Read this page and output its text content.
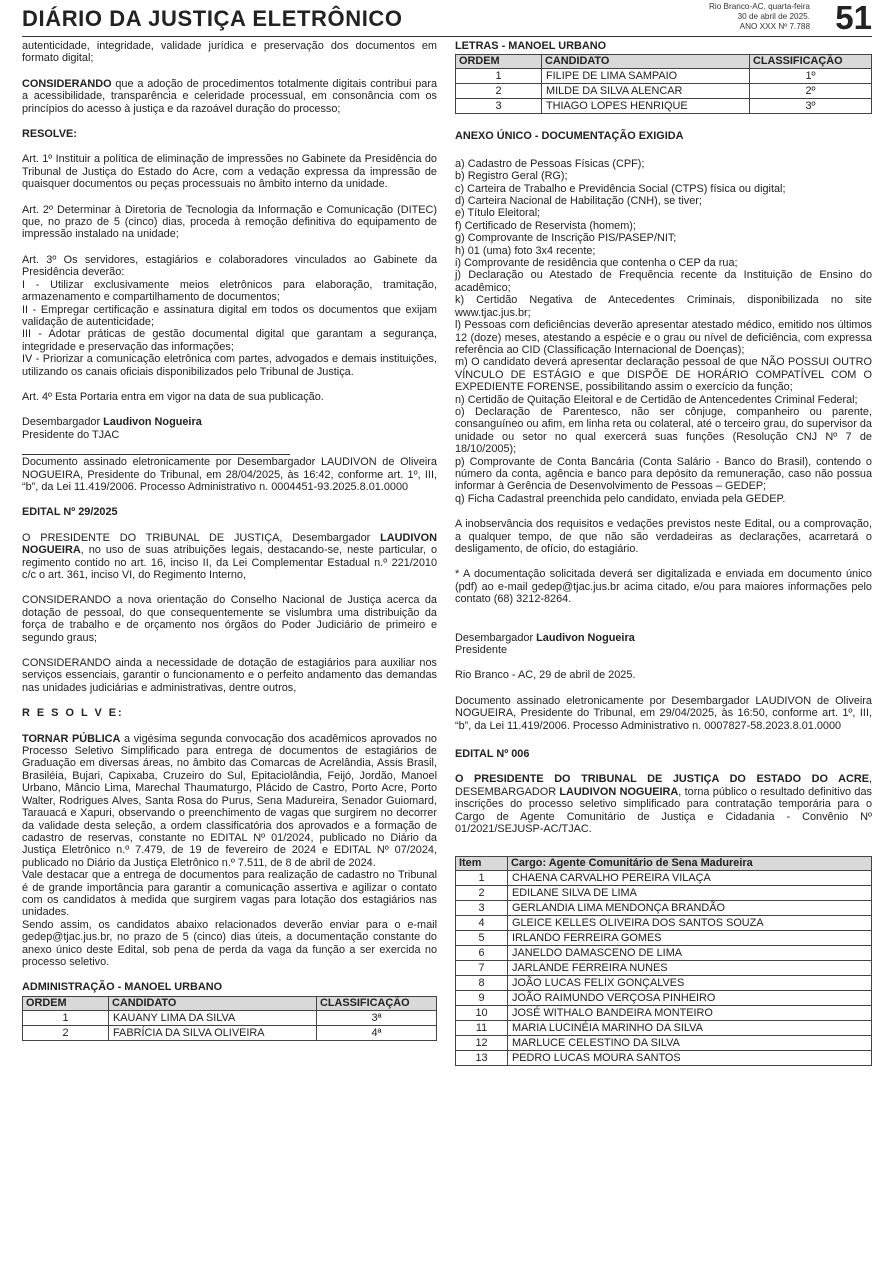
DIÁRIO DA JUSTIÇA ELETRÔNICO	Rio Branco-AC, quarta-feira
30 de abril de 2025.
ANO XXX Nº 7.788 51

autenticidade, integridade, validade jurídica e preservação dos documentos em formato digital;

CONSIDERANDO que a adoção de procedimentos totalmente digitais contribui para a acessibilidade, transparência e celeridade processual, em consonância com os princípios do acesso à justiça e da razoável duração do processo;

RESOLVE:

Art. 1º Instituir a política de eliminação de impressões no Gabinete da Presidência do Tribunal de Justiça do Estado do Acre, com a vedação expressa da impressão de quaisquer documentos ou peças processuais no âmbito interno da unidade.

Art. 2º Determinar à Diretoria de Tecnologia da Informação e Comunicação (DITEC) que, no prazo de 5 (cinco) dias, proceda à remoção definitiva do equipamento de impressão instalado na unidade;

Art. 3º Os servidores, estagiários e colaboradores vinculados ao Gabinete da Presidência deverão:

I - Utilizar exclusivamente meios eletrônicos para elaboração, tramitação, armazenamento e compartilhamento de documentos;

II - Empregar certificação e assinatura digital em todos os documentos que exijam validação de autenticidade;

III - Adotar práticas de gestão documental digital que garantam a segurança, integridade e preservação das informações;

IV - Priorizar a comunicação eletrônica com partes, advogados e demais instituições, utilizando os canais oficiais disponibilizados pelo Tribunal de Justiça.

Art. 4º Esta Portaria entra em vigor na data de sua publicação.

Desembargador Laudivon Nogueira
Presidente do TJAC

Documento assinado eletronicamente por Desembargador LAUDIVON de Oliveira NOGUEIRA, Presidente do Tribunal, em 28/04/2025, às 16:42, conforme art. 1º, III, “b”, da Lei 11.419/2006. Processo Administrativo n. 0004451-93.2025.8.01.0000

EDITAL Nº 29/2025

O PRESIDENTE DO TRIBUNAL DE JUSTIÇA, Desembargador LAUDIVON NOGUEIRA, no uso de suas atribuições legais, destacando-se, neste particular, o regimento contido no art. 16, inciso II, da Lei Complementar Estadual n.º 221/2010 c/c o art. 361, inciso VI, do Regimento Interno,

CONSIDERANDO a nova orientação do Conselho Nacional de Justiça acerca da dotação de pessoal, do que consequentemente se vislumbra uma distribuição da força de trabalho e de orçamento nos órgãos do Poder Judiciário de primeiro e segundo graus;

CONSIDERANDO ainda a necessidade de dotação de estagiários para auxiliar nos serviços essenciais, garantir o funcionamento e o perfeito andamento das demandas nas unidades judiciárias e administrativas, dentre outros,

R E S O L V E:

TORNAR PÚBLICA a vigésima segunda convocação dos acadêmicos aprovados no Processo Seletivo Simplificado para entrega de documentos de estagiários de Graduação em diversas áreas, no âmbito das Comarcas de Acrelândia, Assis Brasil, Brasiléia, Bujari, Capixaba, Cruzeiro do Sul, Epitaciolândia, Feijó, Jordão, Manoel Urbano, Mâncio Lima, Marechal Thaumaturgo, Plácido de Castro, Porto Acre, Porto Walter, Rodrigues Alves, Santa Rosa do Purus, Sena Madureira, Senador Guiomard, Tarauacá e Xapuri, observando o preenchimento de vagas que surgirem no decorrer da validade desta seleção, a ordem classificatória dos aprovados e a formação de cadastro de reservas, constante no EDITAL Nº 01/2024, publicado no Diário da Justiça Eletrônico n.º 7.479, de 19 de fevereiro de 2024 e EDITAL Nº 07/2024, publicado no Diário da Justiça Eletrônico n.º 7.511, de 8 de abril de 2024.

Vale destacar que a entrega de documentos para realização de cadastro no Tribunal é de grande importância para garantir a comunicação assertiva e agilizar o contato com os candidatos à medida que surgirem vagas para lotação dos estagiários nas unidades.

Sendo assim, os candidatos abaixo relacionados deverão enviar para o e-mail gedep@tjac.jus.br, no prazo de 5 (cinco) dias úteis, a documentação constante do anexo único deste Edital, sob pena de perda da vaga da função a ser exercida no processo seletivo.

ADMINISTRAÇÃO - MANOEL URBANO
ORDEM	CANDIDATO	CLASSIFICAÇÃO
1	KAUANY LIMA DA SILVA	3ª
2	FABRÍCIA DA SILVA OLIVEIRA	4ª
LETRAS - MANOEL URBANO
ORDEM	CANDIDATO	CLASSIFICAÇÃO
1	FILIPE DE LIMA SAMPAIO	1º
2	MILDE DA SILVA ALENCAR	2º
3	THIAGO LOPES HENRIQUE	3º

ANEXO ÚNICO - DOCUMENTAÇÃO EXIGIDA

a) Cadastro de Pessoas Físicas (CPF);

b) Registro Geral (RG);

c) Carteira de Trabalho e Previdência Social (CTPS) física ou digital;

d) Carteira Nacional de Habilitação (CNH), se tiver;

e) Título Eleitoral;

f) Certificado de Reservista (homem);

g) Comprovante de Inscrição PIS/PASEP/NIT;

h) 01 (uma) foto 3x4 recente;

i) Comprovante de residência que contenha o CEP da rua;

j) Declaração ou Atestado de Frequência recente da Instituição de Ensino do acadêmico;

k) Certidão Negativa de Antecedentes Criminais, disponibilizada no site www.tjac.jus.br;

l) Pessoas com deficiências deverão apresentar atestado médico, emitido nos últimos 12 (doze) meses, atestando a espécie e o grau ou nível de deficiência, com expressa referência ao CID (Classificação Internacional de Doenças);

m) O candidato deverá apresentar declaração pessoal de que NÃO POSSUI OUTRO VÍNCULO DE ESTÁGIO e que DISPÕE DE HORÁRIO COMPATÍVEL COM O EXPEDIENTE FORENSE, possibilitando assim o exercício da função;

n) Certidão de Quitação Eleitoral e de Certidão de Antencedentes Criminal Federal;

o) Declaração de Parentesco, não ser cônjuge, companheiro ou parente, consanguíneo ou afim, em linha reta ou colateral, até o terceiro grau, do supervisor da unidade ou setor no qual exercerá suas funções (Resolução CNJ Nº 7 de 18/10/2005);

p) Comprovante de Conta Bancária (Conta Salário - Banco do Brasil), contendo o número da conta, agência e banco para depósito da remuneração, caso não possua informar à Gerência de Desenvolvimento de Pessoas – GEDEP;

q) Ficha Cadastral preenchida pelo candidato, enviada pela GEDEP.

A inobservância dos requisitos e vedações previstos neste Edital, ou a comprovação, a qualquer tempo, de que não são verdadeiras as declarações, acarretará o desligamento, de ofício, do estagiário.

* A documentação solicitada deverá ser digitalizada e enviada em documento único (pdf) ao e-mail gedep@tjac.jus.br acima citado, e/ou para maiores informações pelo contato (68) 3212-8264.

Desembargador Laudivon Nogueira
Presidente

Rio Branco - AC, 29 de abril de 2025.

Documento assinado eletronicamente por Desembargador LAUDIVON de Oliveira NOGUEIRA, Presidente do Tribunal, em 29/04/2025, às 16:50, conforme art. 1º, III, “b”, da Lei 11.419/2006. Processo Administrativo n. 0007827-58.2023.8.01.0000

EDITAL Nº 006

O PRESIDENTE DO TRIBUNAL DE JUSTIÇA DO ESTADO DO ACRE, DESEMBARGADOR LAUDIVON NOGUEIRA, torna público o resultado definitivo das inscrições do processo seletivo simplificado para contratação temporária para o Cargo de Agente Comunitário de Justiça e Cidadania - Convênio Nº 01/2021/SEJUSP-AC/TJAC.

Item	Cargo: Agente Comunitário de Sena Madureira
1	CHAENA CARVALHO PEREIRA VILAÇA
2	EDILANE SILVA DE LIMA
3	GERLANDIA LIMA MENDONÇA BRANDÃO
4	GLEICE KELLES OLIVEIRA DOS SANTOS SOUZA
5	IRLANDO FERREIRA GOMES
6	JANELDO DAMASCENO DE LIMA
7	JARLANDE FERREIRA NUNES
8	JOÃO LUCAS FELIX GONÇALVES
9	JOÃO RAIMUNDO VERÇOSA PINHEIRO
10	JOSÉ WITHALO BANDEIRA MONTEIRO
11	MARIA LUCINÉIA MARINHO DA SILVA
12	MARLUCE CELESTINO DA SILVA
13	PEDRO LUCAS MOURA SANTOS
